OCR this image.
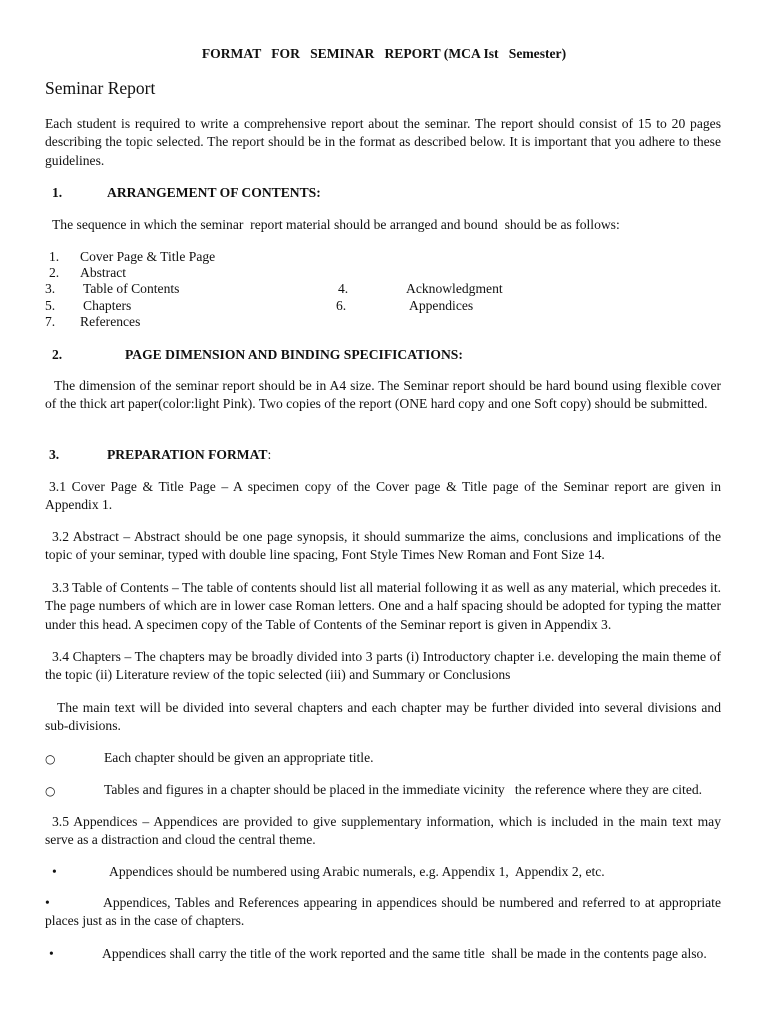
FORMAT   FOR   SEMINAR   REPORT (MCA Ist   Semester)
Seminar Report
Each student is required to write a comprehensive report about the seminar. The report should consist of 15 to 20 pages describing the topic selected. The report should be in the format as described below. It is important that you adhere to these guidelines.
1.	ARRANGEMENT OF CONTENTS:
The sequence in which the seminar  report material should be arranged and bound  should be as follows:
1. Cover Page & Title Page
2. Abstract
3. Table of Contents	4.	Acknowledgment
5. Chapters	6.	Appendices
7. References
2.	PAGE DIMENSION AND BINDING SPECIFICATIONS:
The dimension of the seminar report should be in A4 size. The Seminar report should be hard bound using flexible cover of the thick art paper(color:light Pink). Two copies of the report (ONE hard copy and one Soft copy) should be submitted.
3.	PREPARATION FORMAT:
3.1 Cover Page & Title Page – A specimen copy of the Cover page & Title page of the Seminar report are given in Appendix 1.
3.2 Abstract – Abstract should be one page synopsis, it should summarize the aims, conclusions and implications of the topic of your seminar, typed with double line spacing, Font Style Times New Roman and Font Size 14.
3.3 Table of Contents – The table of contents should list all material following it as well as any material, which precedes it. The page numbers of which are in lower case Roman letters. One and a half spacing should be adopted for typing the matter under this head. A specimen copy of the Table of Contents of the Seminar report is given in Appendix 3.
3.4 Chapters – The chapters may be broadly divided into 3 parts (i) Introductory chapter i.e. developing the main theme of the topic (ii) Literature review of the topic selected (iii) and Summary or Conclusions
The main text will be divided into several chapters and each chapter may be further divided into several divisions and sub-divisions.
○	Each chapter should be given an appropriate title.
○	Tables and figures in a chapter should be placed in the immediate vicinity   the reference where they are cited.
3.5 Appendices – Appendices are provided to give supplementary information, which is included in the main text may serve as a distraction and cloud the central theme.
•	Appendices should be numbered using Arabic numerals, e.g. Appendix 1,  Appendix 2, etc.
•	Appendices, Tables and References appearing in appendices should be numbered and referred to at appropriate places just as in the case of chapters.
•	Appendices shall carry the title of the work reported and the same title  shall be made in the contents page also.
